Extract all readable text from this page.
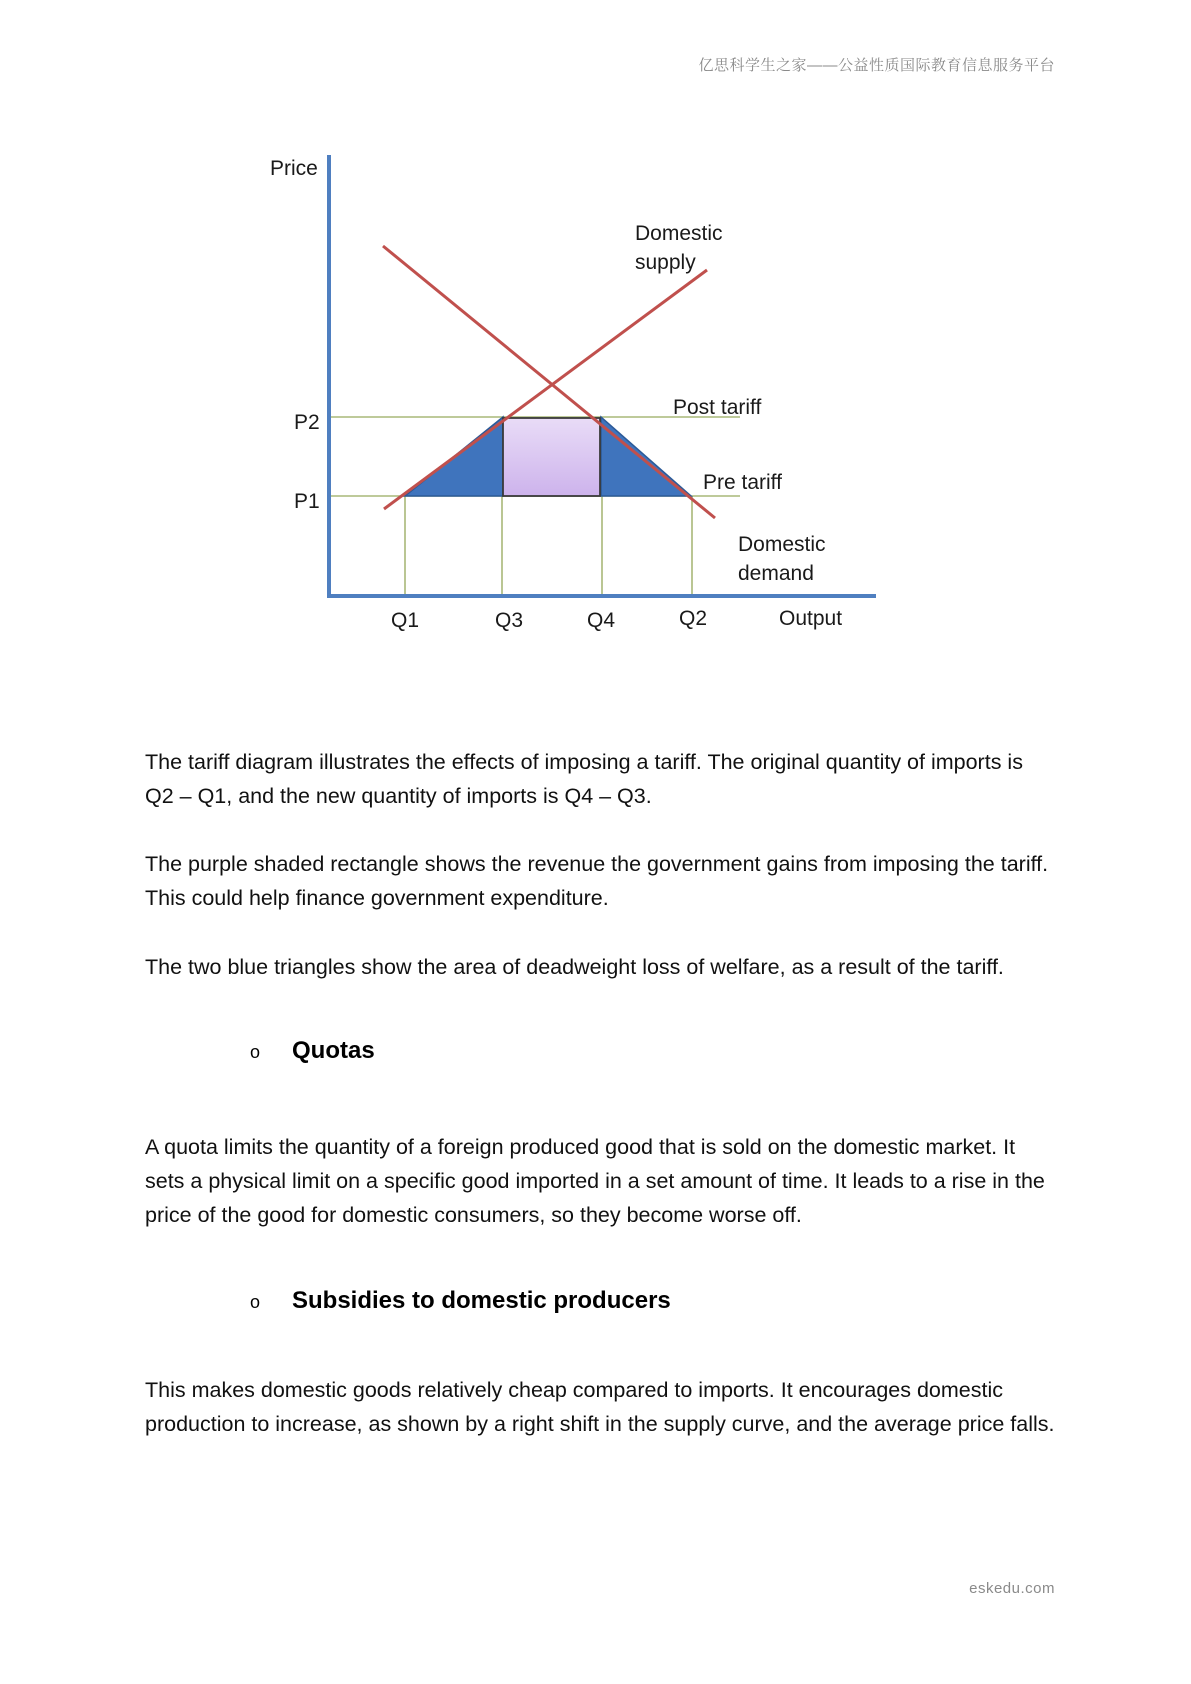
亿思科学生之家——公益性质国际教育信息服务平台
Price
P2
P1
Domestic
supply
Post tariff
Pre tariff
Domestic
demand
Q1	Q3	Q4	Q2	Output

The tariff diagram illustrates the effects of imposing a tariff. The original quantity of imports is Q2 – Q1, and the new quantity of imports is Q4 – Q3.

The purple shaded rectangle shows the revenue the government gains from imposing the tariff. This could help finance government expenditure.

The two blue triangles show the area of deadweight loss of welfare, as a result of the tariff.

o	Quotas

A quota limits the quantity of a foreign produced good that is sold on the domestic market. It sets a physical limit on a specific good imported in a set amount of time. It leads to a rise in the price of the good for domestic consumers, so they become worse off.

o	Subsidies to domestic producers

This makes domestic goods relatively cheap compared to imports. It encourages domestic production to increase, as shown by a right shift in the supply curve, and the average price falls.

eskedu.com
